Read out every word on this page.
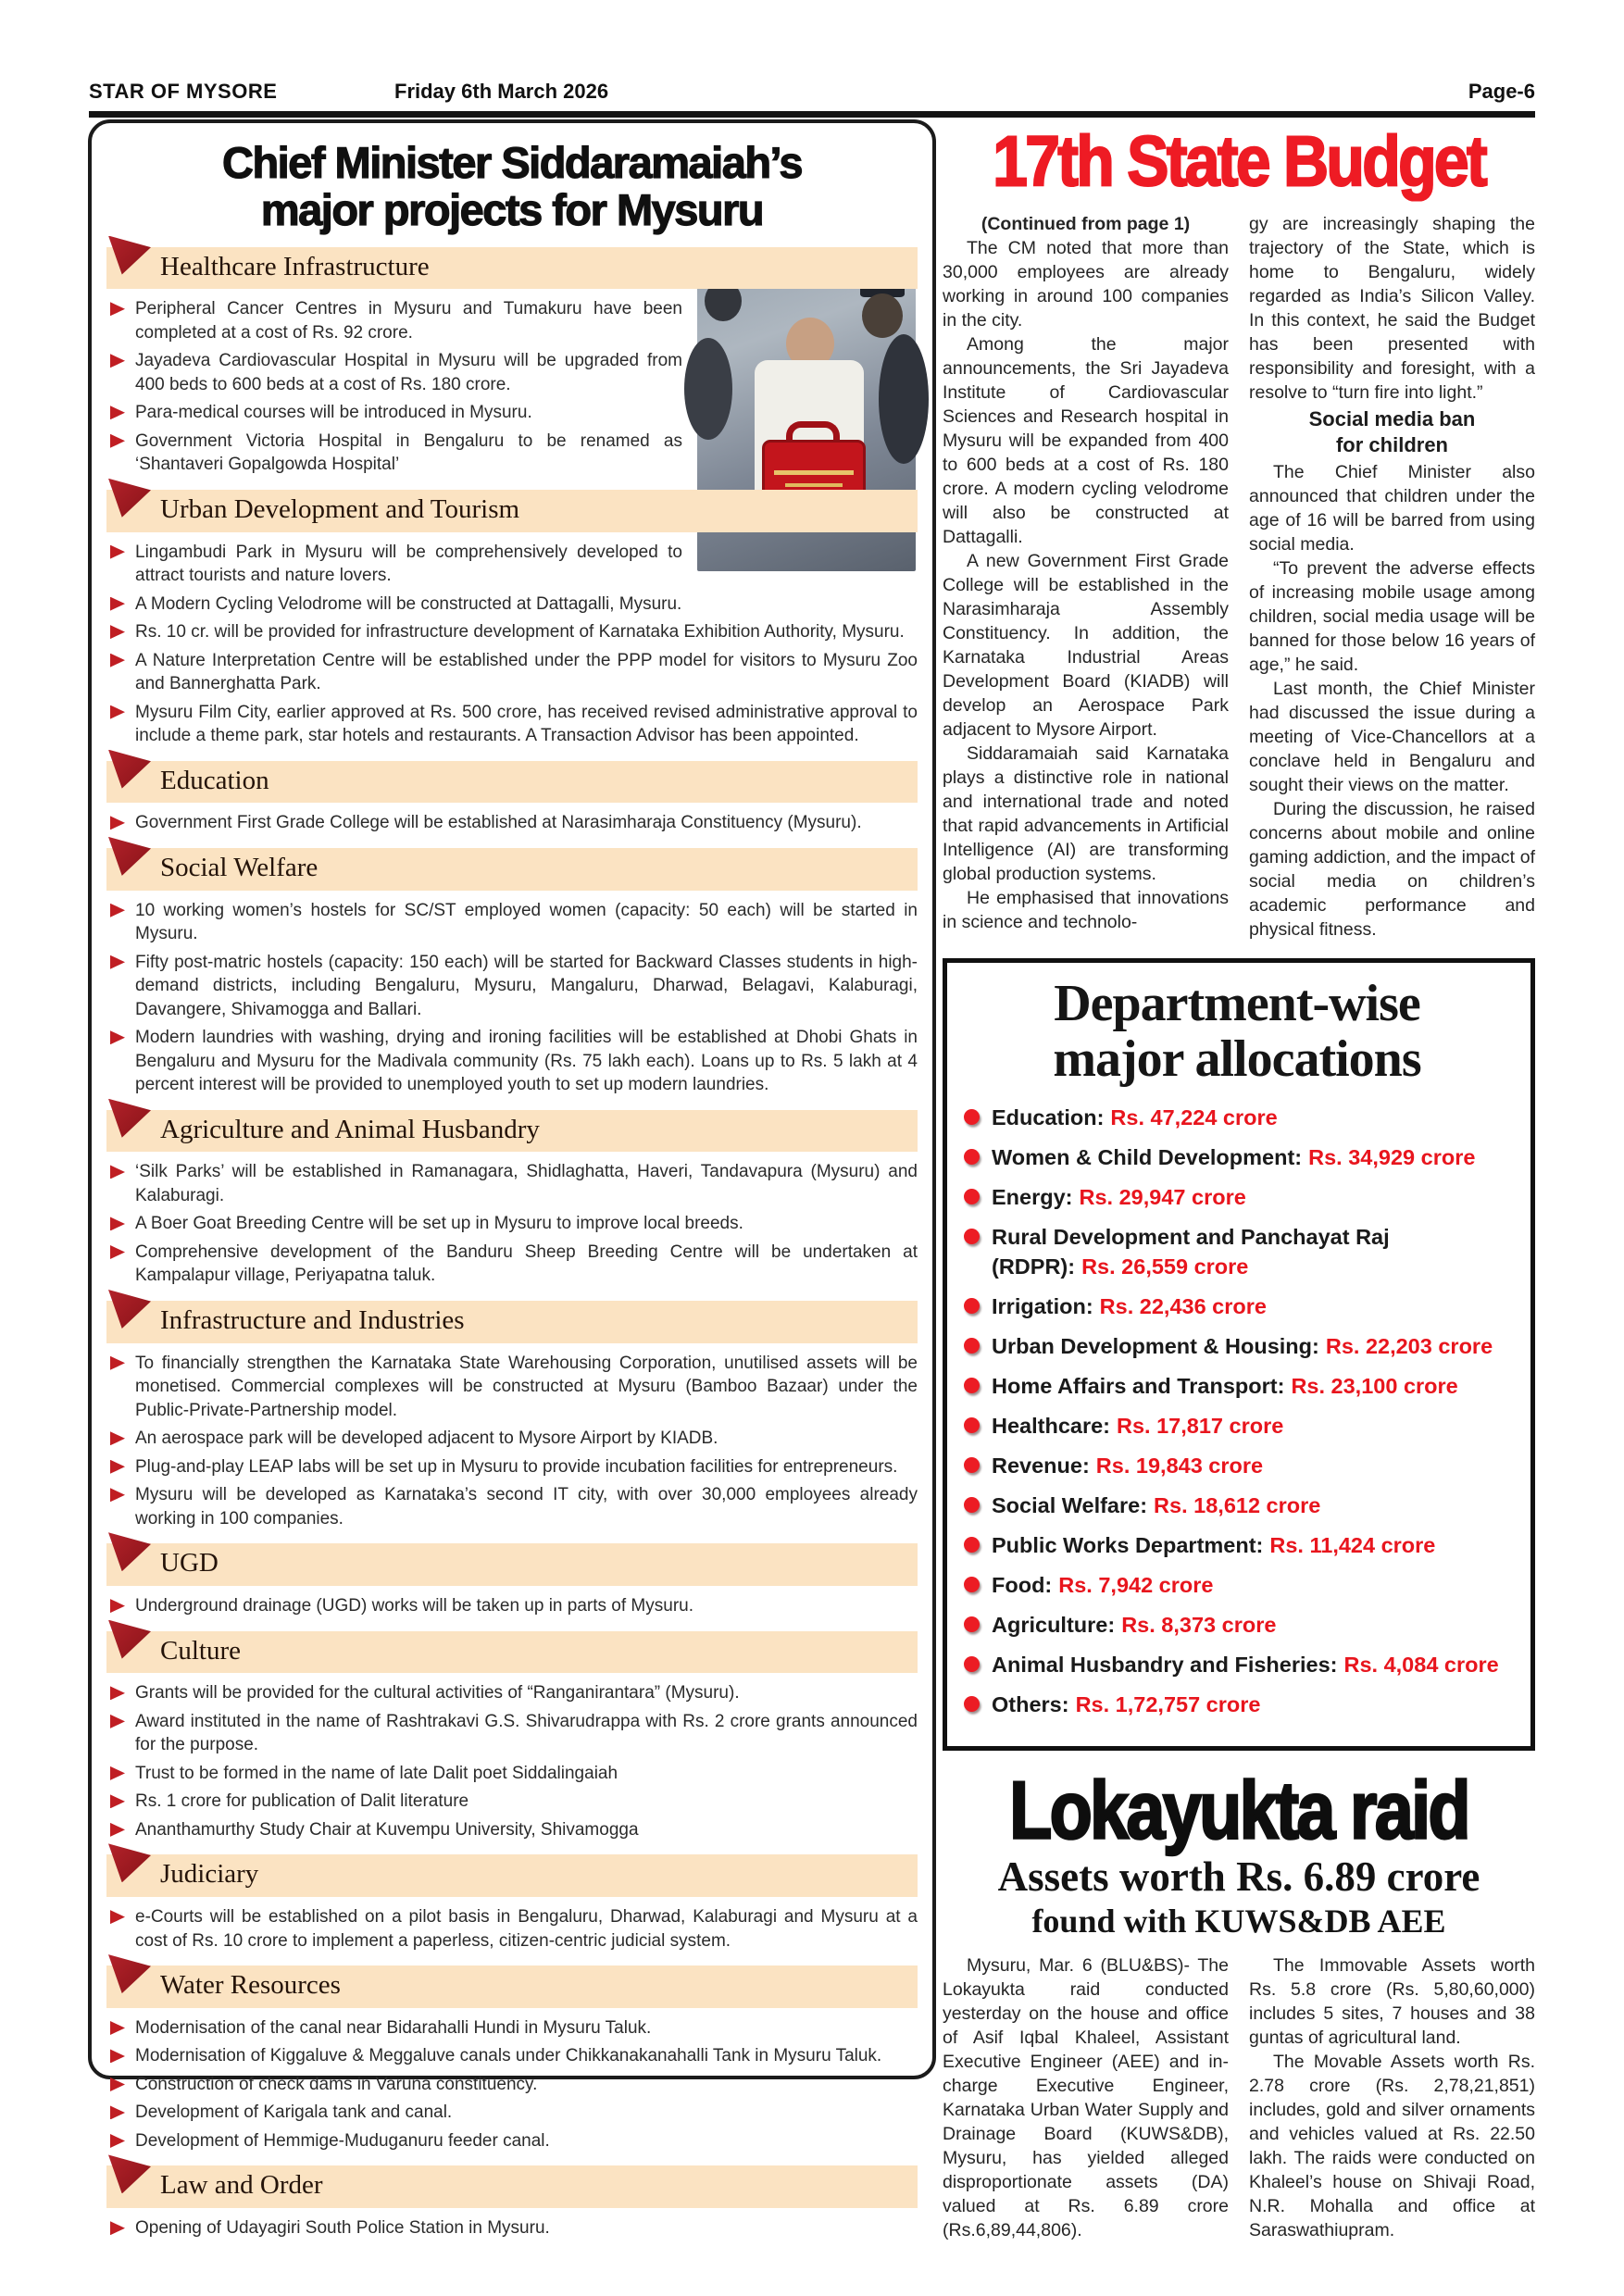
STAR OF MYSORE	Friday 6th March 2026	Page-6
Chief Minister Siddaramaiah’s
major projects for Mysuru
Healthcare Infrastructure

Peripheral Cancer Centres in Mysuru and Tumakuru have been completed at a cost of Rs. 92 crore.

Jayadeva Cardiovascular Hospital in Mysuru will be upgraded from 400 beds to 600 beds at a cost of Rs. 180 crore.

Para-medical courses will be introduced in Mysuru.

Government Victoria Hospital in Bengaluru to be renamed as ‘Shantaveri Gopalgowda Hospital’

Urban Development and Tourism

Lingambudi Park in Mysuru will be comprehensively developed to attract tourists and nature lovers.

A Modern Cycling Velodrome will be constructed at Dattagalli, Mysuru.

Rs. 10 cr. will be provided for infrastructure development of Karnataka Exhibition Authority, Mysuru.

A Nature Interpretation Centre will be established under the PPP model for visitors to Mysuru Zoo and Bannerghatta Park.

Mysuru Film City, earlier approved at Rs. 500 crore, has received revised administrative approval to include a theme park, star hotels and restaurants. A Transaction Advisor has been appointed.

Education

Government First Grade College will be established at Narasimharaja Constituency (Mysuru).

Social Welfare

10 working women’s hostels for SC/ST employed women (capacity: 50 each) will be started in Mysuru.

Fifty post-matric hostels (capacity: 150 each) will be started for Backward Classes students in high-demand districts, including Bengaluru, Mysuru, Mangaluru, Dharwad, Belagavi, Kalaburagi, Davangere, Shivamogga and Ballari.

Modern laundries with washing, drying and ironing facilities will be established at Dhobi Ghats in Bengaluru and Mysuru for the Madivala community (Rs. 75 lakh each). Loans up to Rs. 5 lakh at 4 percent interest will be provided to unemployed youth to set up modern laundries.

Agriculture and Animal Husbandry

‘Silk Parks’ will be established in Ramanagara, Shidlaghatta, Haveri, Tandavapura (Mysuru) and Kalaburagi.

A Boer Goat Breeding Centre will be set up in Mysuru to improve local breeds.

Comprehensive development of the Banduru Sheep Breeding Centre will be undertaken at Kampalapur village, Periyapatna taluk.

Infrastructure and Industries

To financially strengthen the Karnataka State Warehousing Corporation, unutilised assets will be monetised. Commercial complexes will be constructed at Mysuru (Bamboo Bazaar) under the Public-Private-Partnership model.

An aerospace park will be developed adjacent to Mysore Airport by KIADB.

Plug-and-play LEAP labs will be set up in Mysuru to provide incubation facilities for entrepreneurs.

Mysuru will be developed as Karnataka’s second IT city, with over 30,000 employees already working in 100 companies.

UGD

Underground drainage (UGD) works will be taken up in parts of Mysuru.

Culture

Grants will be provided for the cultural activities of “Ranganirantara” (Mysuru).

Award instituted in the name of Rashtrakavi G.S. Shivarudrappa with Rs. 2 crore grants announced for the purpose.

Trust to be formed in the name of late Dalit poet Siddalingaiah

Rs. 1 crore for publication of Dalit literature

Ananthamurthy Study Chair at Kuvempu University, Shivamogga

Judiciary

e-Courts will be established on a pilot basis in Bengaluru, Dharwad, Kalaburagi and Mysuru at a cost of Rs. 10 crore to implement a paperless, citizen-centric judicial system.

Water Resources

Modernisation of the canal near Bidarahalli Hundi in Mysuru Taluk.

Modernisation of Kiggaluve & Meggaluve canals under Chikkanakanahalli Tank in Mysuru Taluk.

Construction of check dams in Varuna constituency.

Development of Karigala tank and canal.

Development of Hemmige-Muduganuru feeder canal.

Law and Order

Opening of Udayagiri South Police Station in Mysuru.

17th State Budget

(Continued from page 1)

The CM noted that more than 30,000 employees are already working in around 100 companies in the city.

Among the major announcements, the Sri Jayadeva Institute of Cardiovascular Sciences and Research hospital in Mysuru will be expanded from 400 to 600 beds at a cost of Rs. 180 crore. A modern cycling velodrome will also be constructed at Dattagalli.

A new Government First Grade College will be established in the Narasimharaja Assembly Constituency. In addition, the Karnataka Industrial Areas Development Board (KIADB) will develop an Aerospace Park adjacent to Mysore Airport.

Siddaramaiah said Karnataka plays a distinctive role in national and international trade and noted that rapid advancements in Artificial Intelligence (AI) are transforming global production systems.

He emphasised that innovations in science and technolo-

gy are increasingly shaping the trajectory of the State, which is home to Bengaluru, widely regarded as India’s Silicon Valley. In this context, he said the Budget has been presented with responsibility and foresight, with a resolve to “turn fire into light.”

Social media ban
for children

The Chief Minister also announced that children under the age of 16 will be barred from using social media.

“To prevent the adverse effects of increasing mobile usage among children, social media usage will be banned for those below 16 years of age,” he said.

Last month, the Chief Minister had discussed the issue during a meeting of Vice-Chancellors at a conclave held in Bengaluru and sought their views on the matter.

During the discussion, he raised concerns about mobile and online gaming addiction, and the impact of social media on children’s academic performance and physical fitness.

Department-wise
major allocations

Education: Rs. 47,224 crore

Women & Child Development: Rs. 34,929 crore

Energy: Rs. 29,947 crore

Rural Development and Panchayat Raj (RDPR): Rs. 26,559 crore

Irrigation: Rs. 22,436 crore

Urban Development & Housing: Rs. 22,203 crore

Home Affairs and Transport: Rs. 23,100 crore

Healthcare: Rs. 17,817 crore

Revenue: Rs. 19,843 crore

Social Welfare: Rs. 18,612 crore

Public Works Department: Rs. 11,424 crore

Food: Rs. 7,942 crore

Agriculture: Rs. 8,373 crore

Animal Husbandry and Fisheries: Rs. 4,084 crore

Others: Rs. 1,72,757 crore

Lokayukta raid
Assets worth Rs. 6.89 crore
found with KUWS&DB AEE

Mysuru, Mar. 6 (BLU&BS)- The Lokayukta raid conducted yesterday on the house and office of Asif Iqbal Khaleel, Assistant Executive Engineer (AEE) and in-charge Executive Engineer, Karnataka Urban Water Supply and Drainage Board (KUWS&DB), Mysuru, has yielded alleged disproportionate assets (DA) valued at Rs. 6.89 crore (Rs.6,89,44,806).

The Immovable Assets worth Rs. 5.8 crore (Rs. 5,80,60,000) includes 5 sites, 7 houses and 38 guntas of agricultural land.

The Movable Assets worth Rs. 2.78 crore (Rs. 2,78,21,851) includes, gold and silver ornaments and vehicles valued at Rs. 22.50 lakh. The raids were conducted on Khaleel’s house on Shivaji Road, N.R. Mohalla and office at Saraswathiupram.
